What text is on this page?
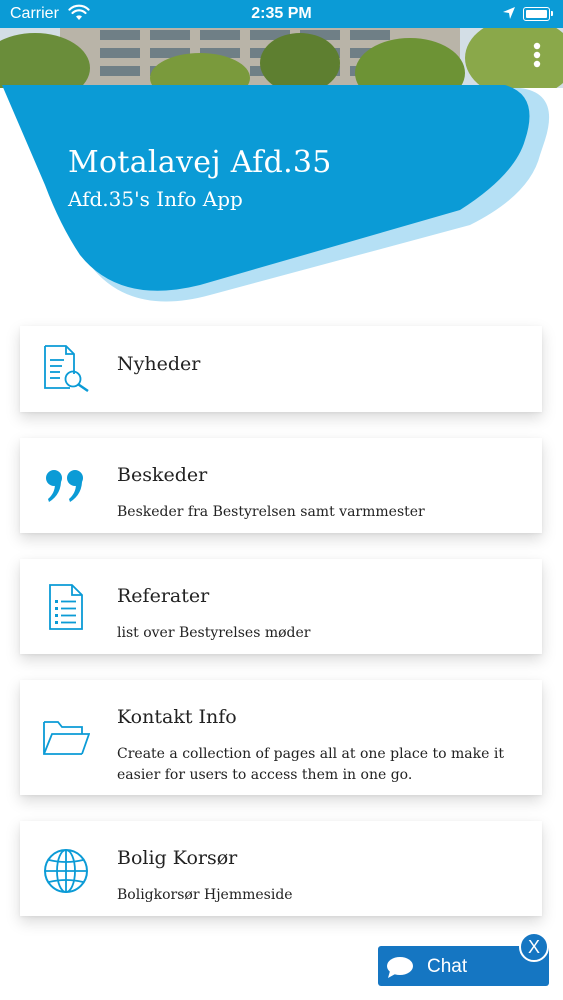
Carrier	2:35 PM
Motalavej Afd.35
Afd.35's Info App
Nyheder
Beskeder
Beskeder fra Bestyrelsen samt varmmester
Referater
list over Bestyrelses møder
Kontakt Info
Create a collection of pages all at one place to make it easier for users to access them in one go.
Bolig Korsør
Boligkorsør Hjemmeside
Chat
X
